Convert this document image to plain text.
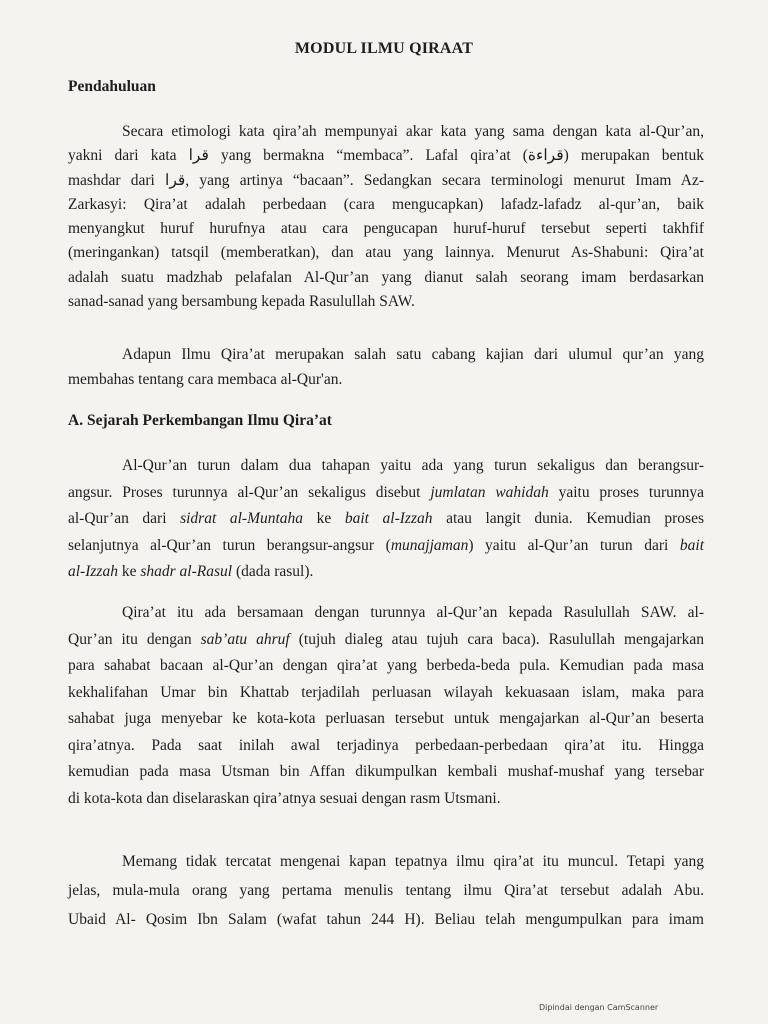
MODUL ILMU QIRAAT
Pendahuluan
Secara etimologi kata qira’ah mempunyai akar kata yang sama dengan kata al-Qur’an,
yakni dari kata قرا yang bermakna “membaca”. Lafal qira’at (قراءة) merupakan bentuk
mashdar dari قرا, yang artinya “bacaan”. Sedangkan secara terminologi menurut Imam Az-
Zarkasyi: Qira’at adalah perbedaan (cara mengucapkan) lafadz-lafadz al-qur’an, baik
menyangkut huruf hurufnya atau cara pengucapan huruf-huruf tersebut seperti takhfif
(meringankan) tatsqil (memberatkan), dan atau yang lainnya. Menurut As-Shabuni: Qira’at
adalah suatu madzhab pelafalan Al-Qur’an yang dianut salah seorang imam berdasarkan
sanad-sanad yang bersambung kepada Rasulullah SAW.
Adapun Ilmu Qira’at merupakan salah satu cabang kajian dari ulumul qur’an yang
membahas tentang cara membaca al-Qur'an.
A. Sejarah Perkembangan Ilmu Qira’at
Al-Qur’an turun dalam dua tahapan yaitu ada yang turun sekaligus dan berangsur-
angsur. Proses turunnya al-Qur’an sekaligus disebut jumlatan wahidah yaitu proses turunnya
al-Qur’an dari sidrat al-Muntaha ke bait al-Izzah atau langit dunia. Kemudian proses
selanjutnya al-Qur’an turun berangsur-angsur (munajjaman) yaitu al-Qur’an turun dari bait
al-Izzah ke shadr al-Rasul (dada rasul).
Qira’at itu ada bersamaan dengan turunnya al-Qur’an kepada Rasulullah SAW. al-
Qur’an itu dengan sab’atu ahruf (tujuh dialeg atau tujuh cara baca). Rasulullah mengajarkan
para sahabat bacaan al-Qur’an dengan qira’at yang berbeda-beda pula. Kemudian pada masa
kekhalifahan Umar bin Khattab terjadilah perluasan wilayah kekuasaan islam, maka para
sahabat juga menyebar ke kota-kota perluasan tersebut untuk mengajarkan al-Qur’an beserta
qira’atnya. Pada saat inilah awal terjadinya perbedaan-perbedaan qira’at itu. Hingga
kemudian pada masa Utsman bin Affan dikumpulkan kembali mushaf-mushaf yang tersebar
di kota-kota dan diselaraskan qira’atnya sesuai dengan rasm Utsmani.
Memang tidak tercatat mengenai kapan tepatnya ilmu qira’at itu muncul. Tetapi yang
jelas, mula-mula orang yang pertama menulis tentang ilmu Qira’at tersebut adalah Abu.
Ubaid Al- Qosim Ibn Salam (wafat tahun 244 H). Beliau telah mengumpulkan para imam
Dipindai dengan CamScanner
